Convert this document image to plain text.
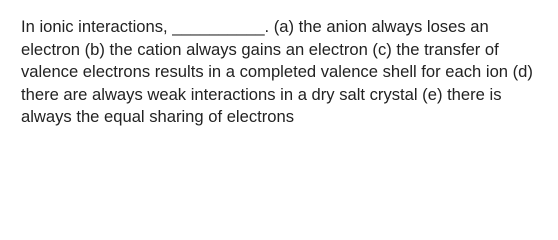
In ionic interactions, __________. (a) the anion always loses an electron (b) the cation always gains an electron (c) the transfer of valence electrons results in a completed valence shell for each ion (d) there are always weak interactions in a dry salt crystal (e) there is always the equal sharing of electrons
